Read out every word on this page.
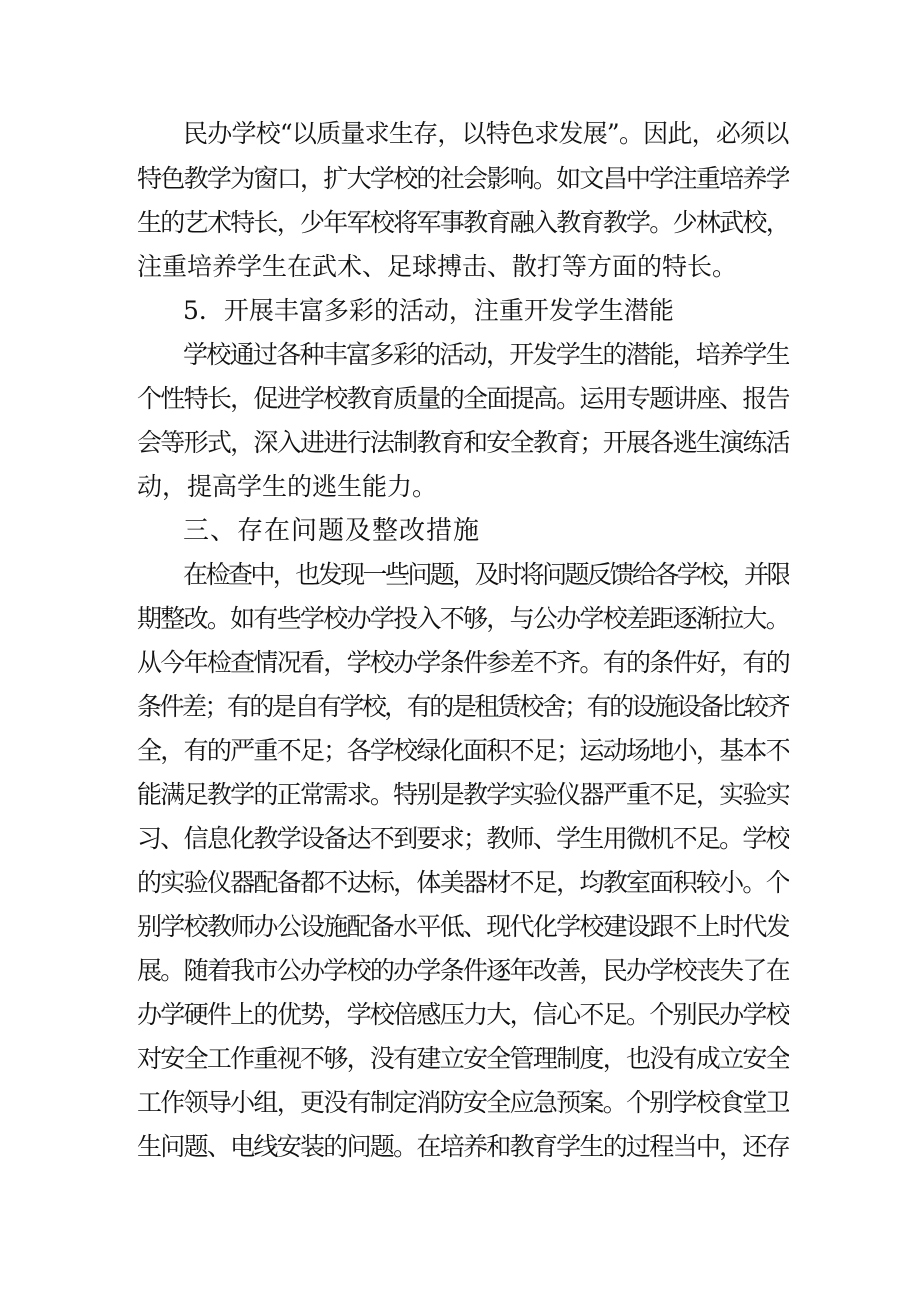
民办学校“以质量求生存，以特色求发展”。因此，必须以
特色教学为窗口，扩大学校的社会影响。如文昌中学注重培养学
生的艺术特长，少年军校将军事教育融入教育教学。少林武校，
注重培养学生在武术、足球搏击、散打等方面的特长。
5．开展丰富多彩的活动，注重开发学生潜能
学校通过各种丰富多彩的活动，开发学生的潜能，培养学生
个性特长，促进学校教育质量的全面提高。运用专题讲座、报告
会等形式，深入进进行法制教育和安全教育；开展各逃生演练活
动，提高学生的逃生能力。
三、存在问题及整改措施
在检查中，也发现一些问题，及时将问题反馈给各学校，并限
期整改。如有些学校办学投入不够，与公办学校差距逐渐拉大。
从今年检查情况看，学校办学条件参差不齐。有的条件好，有的
条件差；有的是自有学校，有的是租赁校舍；有的设施设备比较齐
全，有的严重不足；各学校绿化面积不足；运动场地小，基本不
能满足教学的正常需求。特别是教学实验仪器严重不足，实验实
习、信息化教学设备达不到要求；教师、学生用微机不足。学校
的实验仪器配备都不达标，体美器材不足，均教室面积较小。个
别学校教师办公设施配备水平低、现代化学校建设跟不上时代发
展。随着我市公办学校的办学条件逐年改善，民办学校丧失了在
办学硬件上的优势，学校倍感压力大，信心不足。个别民办学校
对安全工作重视不够，没有建立安全管理制度，也没有成立安全
工作领导小组，更没有制定消防安全应急预案。个别学校食堂卫
生问题、电线安装的问题。在培养和教育学生的过程当中，还存
